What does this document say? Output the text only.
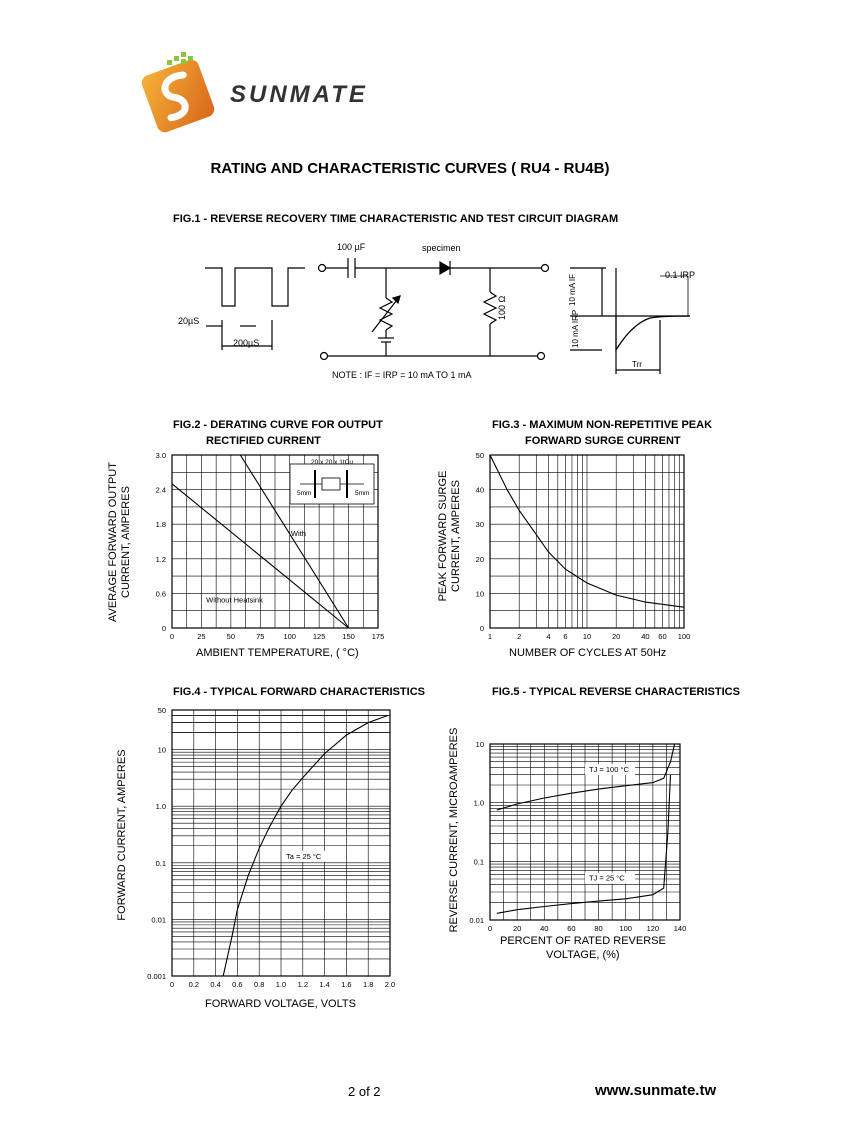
SUNMATE
RATING AND CHARACTERISTIC CURVES ( RU4 - RU4B)
FIG.1 - REVERSE RECOVERY TIME CHARACTERISTIC AND TEST CIRCUIT DIAGRAM
100 µF	specimen
100 Ω
20µS
200µS
NOTE : IF = IRP = 10 mA TO 1 mA
10 mA IF
10 mA IRP
0.1 IRP
Trr
FIG.2 - DERATING CURVE FOR OUTPUT
RECTIFIED CURRENT
AVERAGE FORWARD OUTPUT CURRENT, AMPERES
0	25	50	75	100 125 150 175
0
0.6
1.2
1.8
2.4
3.0
20 x 20 x 1tCu
5mm	5mm
With
Without Heatsink
AMBIENT TEMPERATURE, ( °C)
FIG.3 - MAXIMUM NON-REPETITIVE PEAK
FORWARD SURGE CURRENT
PEAK FORWARD SURGE CURRENT, AMPERES
1	2	4 6 10	20	40 60 100
0
10
20
30
40
50
NUMBER OF CYCLES AT 50Hz
FIG.4 - TYPICAL FORWARD CHARACTERISTICS
FORWARD CURRENT, AMPERES
0 0.2 0.4 0.6 0.8 1.0 1.2 1.4 1.6 1.8 2.0
0.001
0.01
0.1
1.0
10
50
Ta = 25 °C
FORWARD VOLTAGE, VOLTS
FIG.5 - TYPICAL REVERSE CHARACTERISTICS
REVERSE CURRENT, MICROAMPERES	0	20	40	60	80 100 120 140
0.01
0.1
1.0
10
TJ = 100 °C
TJ = 25 °C
PERCENT OF RATED REVERSE
VOLTAGE, (%)
2 of 2	www.sunmate.tw
